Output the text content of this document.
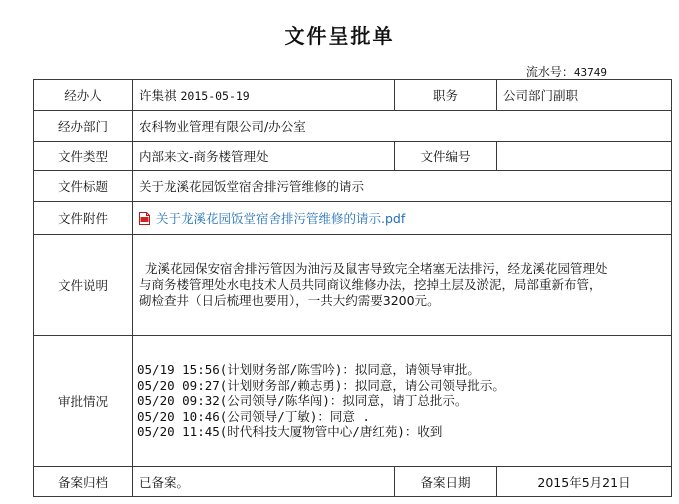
文件呈批单
流水号：43749
经办人	许集祺 2015-05-19	职务	公司部门副职
经办部门	农科物业管理有限公司/办公室		
文件类型	内部来文-商务楼管理处	文件编号	
文件标题	关于龙溪花园饭堂宿舍排污管维修的请示		
文件附件	关于龙溪花园饭堂宿舍排污管维修的请示.pdf		

文件说明	龙溪花园保安宿舍排污管因为油污及鼠害导致完全堵塞无法排污，经龙溪花园管理处

与商务楼管理处水电技术人员共同商议维修办法，挖掉土层及淤泥，局部重新布管，
砌检查井（日后梳理也要用），一共大约需要3200元。		

审批情况	05/19 15:56(计划财务部/陈雪吟)：拟同意，请领导审批。
05/20 09:27(计划财务部/赖志勇)：拟同意，请公司领导批示。
05/20 09:32(公司领导/陈华闯)：拟同意，请丁总批示。
05/20 10:46(公司领导/丁敏)：同意 .
05/20 11:45(时代科技大厦物管中心/唐红苑)：收到		

备案归档	已备案。	备案日期	2015年5月21日
